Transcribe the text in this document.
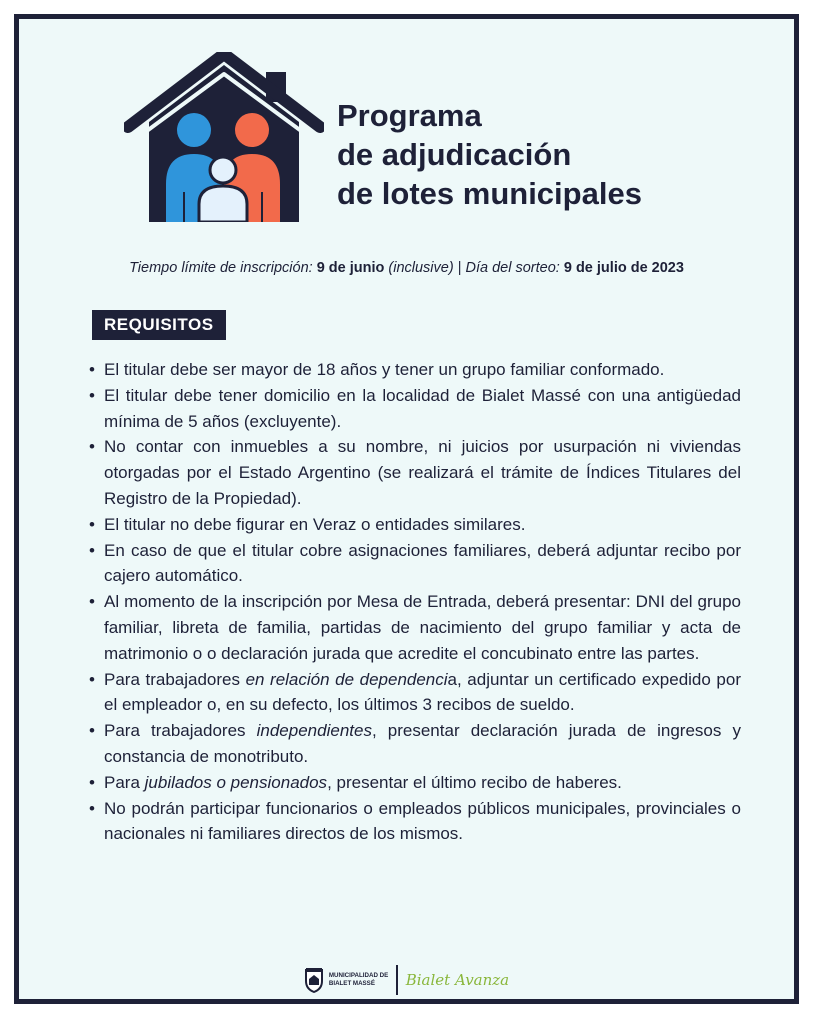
Programa
de adjudicación
de lotes municipales
Tiempo límite de inscripción: 9 de junio (inclusive) | Día del sorteo: 9 de julio de 2023
REQUISITOS
• El titular debe ser mayor de 18 años y tener un grupo familiar conformado.
• El titular debe tener domicilio en la localidad de Bialet Massé con una antigüedad mínima de 5 años (excluyente).
• No contar con inmuebles a su nombre, ni juicios por usurpación ni viviendas otorgadas por el Estado Argentino (se realizará el trámite de Índices Titulares del Registro de la Propiedad).
• El titular no debe figurar en Veraz o entidades similares.
• En caso de que el titular cobre asignaciones familiares, deberá adjuntar recibo por cajero automático.
• Al momento de la inscripción por Mesa de Entrada, deberá presentar: DNI del grupo familiar, libreta de familia, partidas de nacimiento del grupo familiar y acta de matrimonio o o declaración jurada que acredite el concubinato entre las partes.
• Para trabajadores en relación de dependencia, adjuntar un certificado expedido por el empleador o, en su defecto, los últimos 3 recibos de sueldo.
• Para trabajadores independientes, presentar declaración jurada de ingresos y constancia de monotributo.
• Para jubilados o pensionados, presentar el último recibo de haberes.
• No podrán participar funcionarios o empleados públicos municipales, provinciales o nacionales ni familiares directos de los mismos.
MUNICIPALIDAD DE
BIALET MASSÉ	Bialet Avanza
